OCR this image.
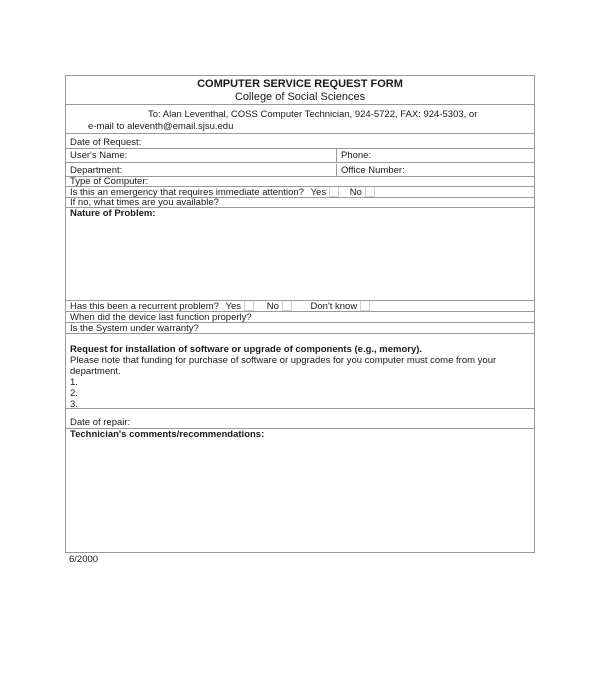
COMPUTER SERVICE REQUEST FORM
College of Social Sciences
To: Alan Leventhal, COSS Computer Technician, 924-5722, FAX: 924-5303, or
e-mail to aleventh@email.sjsu.edu
Date of Request:
User's Name:	Phone:
Department:	Office Number:
Type of Computer:
Is this an emergency that requires immediate attention? Yes No
If no, what times are you available?
Nature of Problem:
Has this been a recurrent problem? Yes	No	Don't know
When did the device last function properly?
Is the System under warranty?
Request for installation of software or upgrade of components (e.g., memory).
Please note that funding for purchase of software or upgrades for you computer must come from your department.
1.
2.
3.
Date of repair:
Technician's comments/recommendations:
6/2000
